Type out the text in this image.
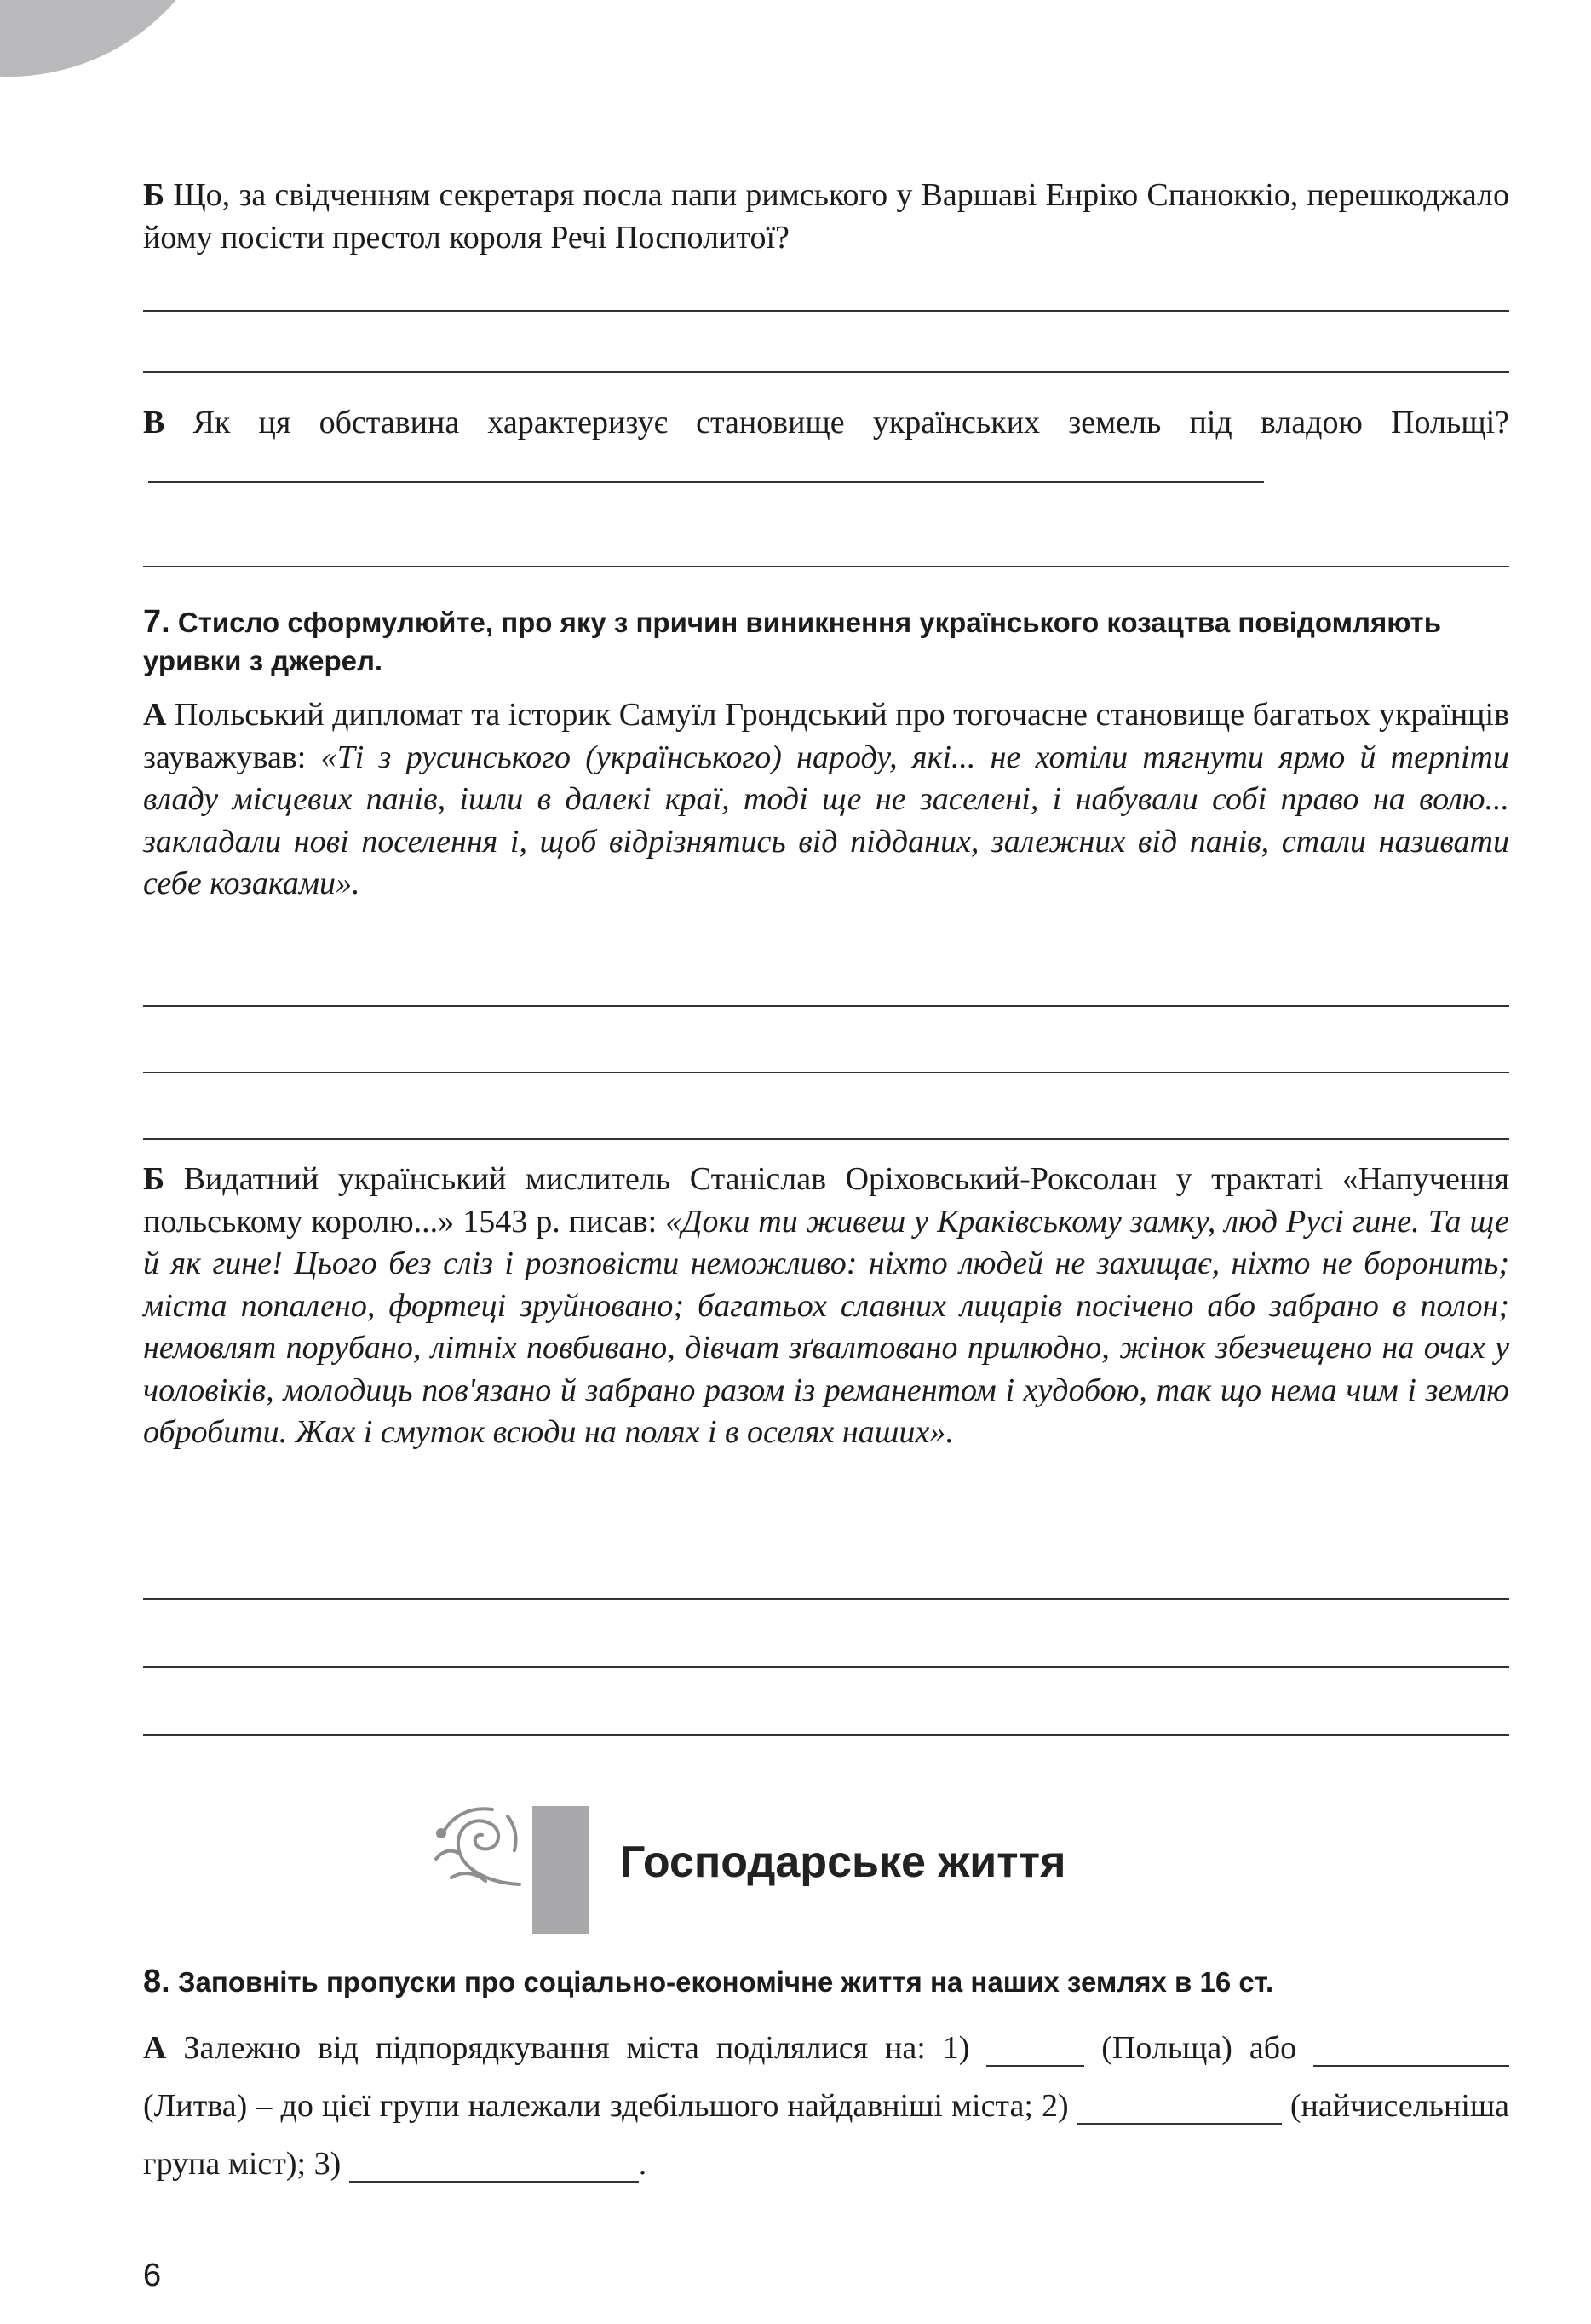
Б Що, за свідченням секретаря посла папи римського у Варшаві Енріко Спаноккіо, перешкоджало йому посісти престол короля Речі Посполитої?
В Як ця обставина характеризує становище українських земель під владою Польщі?
7. Стисло сформулюйте, про яку з причин виникнення українського козацтва повідомляють уривки з джерел.
А Польський дипломат та історик Самуїл Грондський про тогочасне становище багатьох українців зауважував: «Ті з русинського (українського) народу, які... не хотіли тягнути ярмо й терпіти владу місцевих панів, ішли в далекі краї, тоді ще не заселені, і набували собі право на волю... закладали нові поселення і, щоб відрізнятись від підданих, залежних від панів, стали називати себе козаками».
Б Видатний український мислитель Станіслав Оріховський-Роксолан у трактаті «Напучення польському королю...» 1543 р. писав: «Доки ти живеш у Краківському замку, люд Русі гине. Та ще й як гине! Цього без сліз і розповісти неможливо: ніхто людей не захищає, ніхто не боронить; міста попалено, фортеці зруйновано; багатьох славних лицарів посічено або забрано в полон; немовлят порубано, літніх повбивано, дівчат зґвалтовано прилюдно, жінок збезчещено на очах у чоловіків, молодиць пов'язано й забрано разом із реманентом і худобою, так що нема чим і землю обробити. Жах і смуток всюди на полях і в оселях наших».
Господарське життя
8. Заповніть пропуски про соціально-економічне життя на наших землях в 16 ст.
А Залежно від підпорядкування міста поділялися на: 1)	(Польща) або  (Литва) – до цієї групи належали здебільшого найдавніші міста; 2)	(найчисельніша група міст); 3)	.
6
